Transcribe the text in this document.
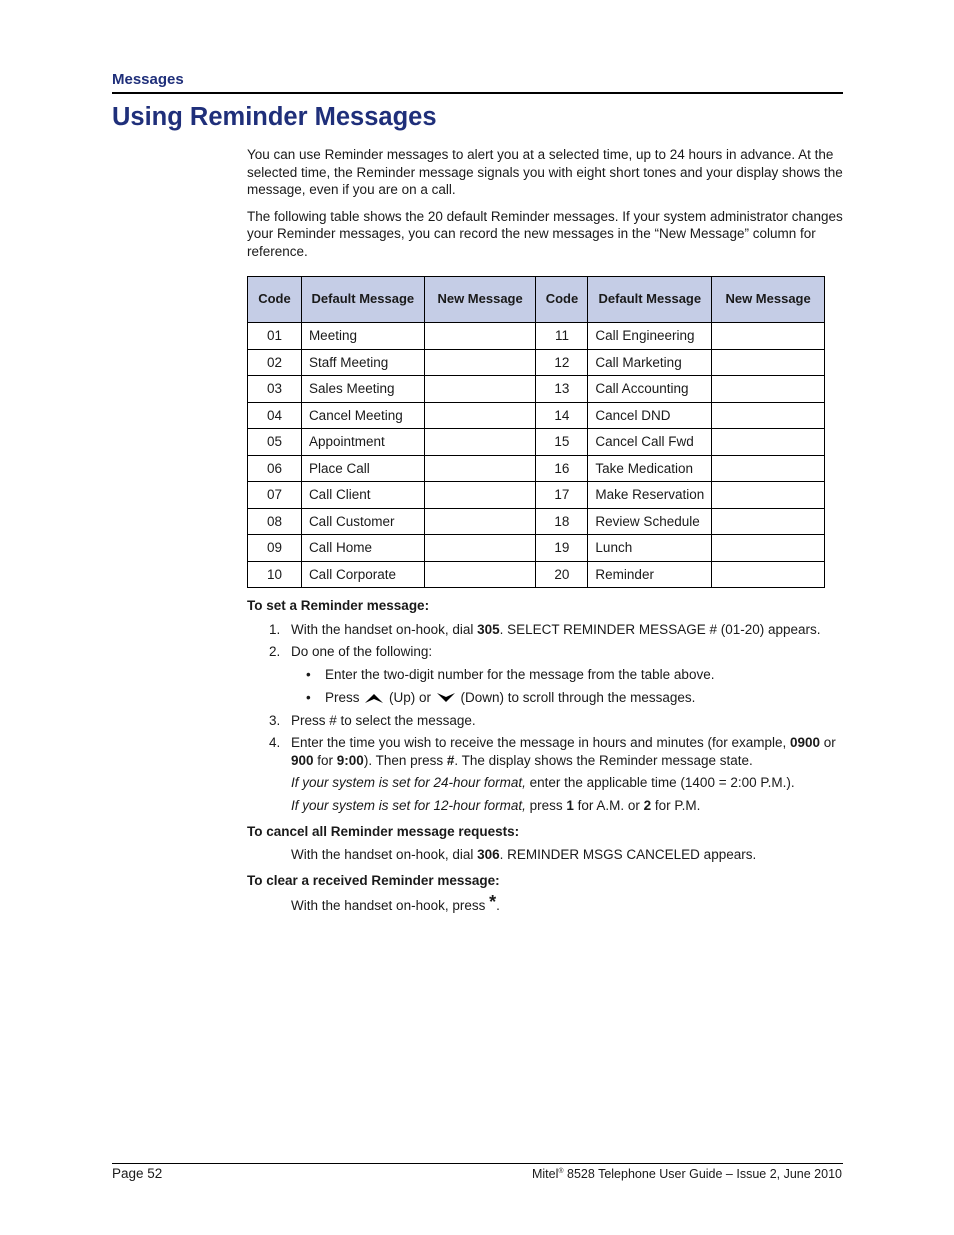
Messages
Using Reminder Messages

You can use Reminder messages to alert you at a selected time, up to 24 hours in advance. At the selected time, the Reminder message signals you with eight short tones and your display shows the message, even if you are on a call.

The following table shows the 20 default Reminder messages. If your system administrator changes your Reminder messages, you can record the new messages in the “New Message” column for reference.

Code	Default Message	New Message	Code	Default Message	New Message
01	Meeting		11	Call Engineering	
02	Staff Meeting		12	Call Marketing	
03	Sales Meeting		13	Call Accounting	
04	Cancel Meeting		14	Cancel DND	
05	Appointment		15	Cancel Call Fwd	
06	Place Call		16	Take Medication	
07	Call Client		17	Make Reservation	
08	Call Customer		18	Review Schedule	
09	Call Home		19	Lunch	
10	Call Corporate		20	Reminder	

To set a Reminder message:

1. With the handset on-hook, dial 305. SELECT REMINDER MESSAGE # (01-20) appears.
2. Do one of the following:
• Enter the two-digit number for the message from the table above.
• Press  (Up) or  (Down) to scroll through the messages.
3. Press # to select the message.
4. Enter the time you wish to receive the message in hours and minutes (for example, 0900 or 900 for 9:00). Then press #. The display shows the Reminder message state.
If your system is set for 24-hour format, enter the applicable time (1400 = 2:00 P.M.).
If your system is set for 12-hour format, press 1 for A.M. or 2 for P.M.

To cancel all Reminder message requests:

With the handset on-hook, dial 306. REMINDER MSGS CANCELED appears.

To clear a received Reminder message:

With the handset on-hook, press *.
Page 52	Mitel® 8528 Telephone User Guide – Issue 2, June 2010
